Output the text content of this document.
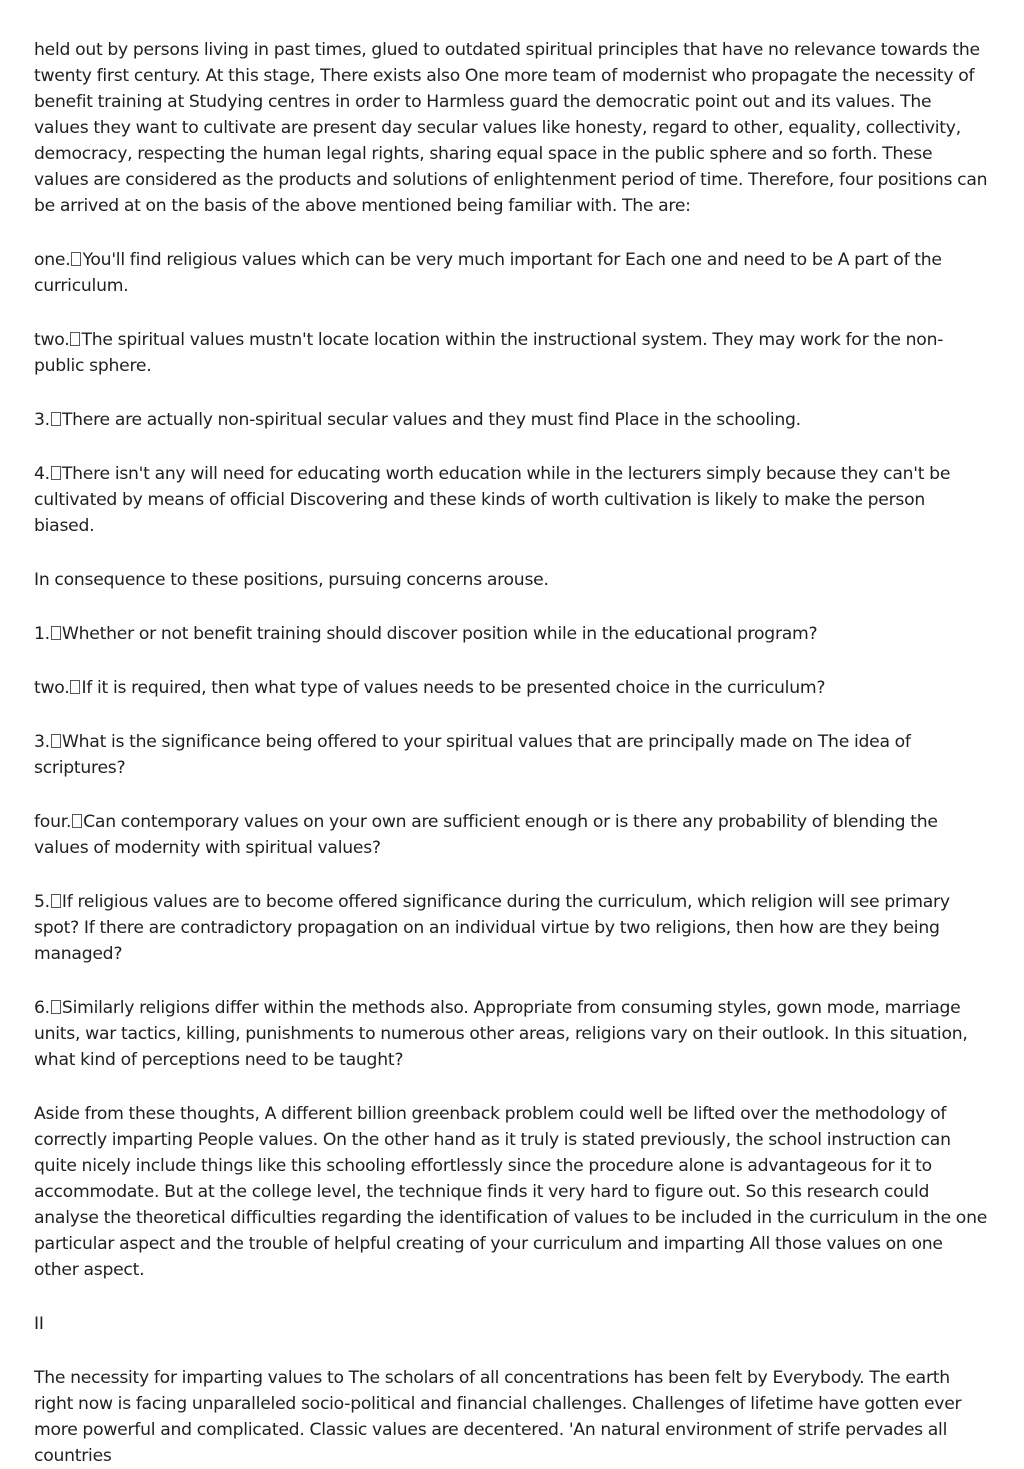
held out by persons living in past times, glued to outdated spiritual principles that have no relevance towards the twenty first century. At this stage, There exists also One more team of modernist who propagate the necessity of benefit training at Studying centres in order to Harmless guard the democratic point out and its values. The values they want to cultivate are present day secular values like honesty, regard to other, equality, collectivity, democracy, respecting the human legal rights, sharing equal space in the public sphere and so forth. These values are considered as the products and solutions of enlightenment period of time. Therefore, four positions can be arrived at on the basis of the above mentioned being familiar with. The are:

one. You'll find religious values which can be very much important for Each one and need to be A part of the curriculum.

two. The spiritual values mustn't locate location within the instructional system. They may work for the non-public sphere.

3. There are actually non-spiritual secular values and they must find Place in the schooling.

4. There isn't any will need for educating worth education while in the lecturers simply because they can't be cultivated by means of official Discovering and these kinds of worth cultivation is likely to make the person biased.

In consequence to these positions, pursuing concerns arouse.

1. Whether or not benefit training should discover position while in the educational program?

two. If it is required, then what type of values needs to be presented choice in the curriculum?

3. What is the significance being offered to your spiritual values that are principally made on The idea of scriptures?

four. Can contemporary values on your own are sufficient enough or is there any probability of blending the values of modernity with spiritual values?

5. If religious values are to become offered significance during the curriculum, which religion will see primary spot? If there are contradictory propagation on an individual virtue by two religions, then how are they being managed?

6. Similarly religions differ within the methods also. Appropriate from consuming styles, gown mode, marriage units, war tactics, killing, punishments to numerous other areas, religions vary on their outlook. In this situation, what kind of perceptions need to be taught?

Aside from these thoughts, A different billion greenback problem could well be lifted over the methodology of correctly imparting People values. On the other hand as it truly is stated previously, the school instruction can quite nicely include things like this schooling effortlessly since the procedure alone is advantageous for it to accommodate. But at the college level, the technique finds it very hard to figure out. So this research could analyse the theoretical difficulties regarding the identification of values to be included in the curriculum in the one particular aspect and the trouble of helpful creating of your curriculum and imparting All those values on one other aspect.

II

The necessity for imparting values to The scholars of all concentrations has been felt by Everybody. The earth right now is facing unparalleled socio-political and financial challenges. Challenges of lifetime have gotten ever more powerful and complicated. Classic values are decentered. 'An natural environment of strife pervades all countries
